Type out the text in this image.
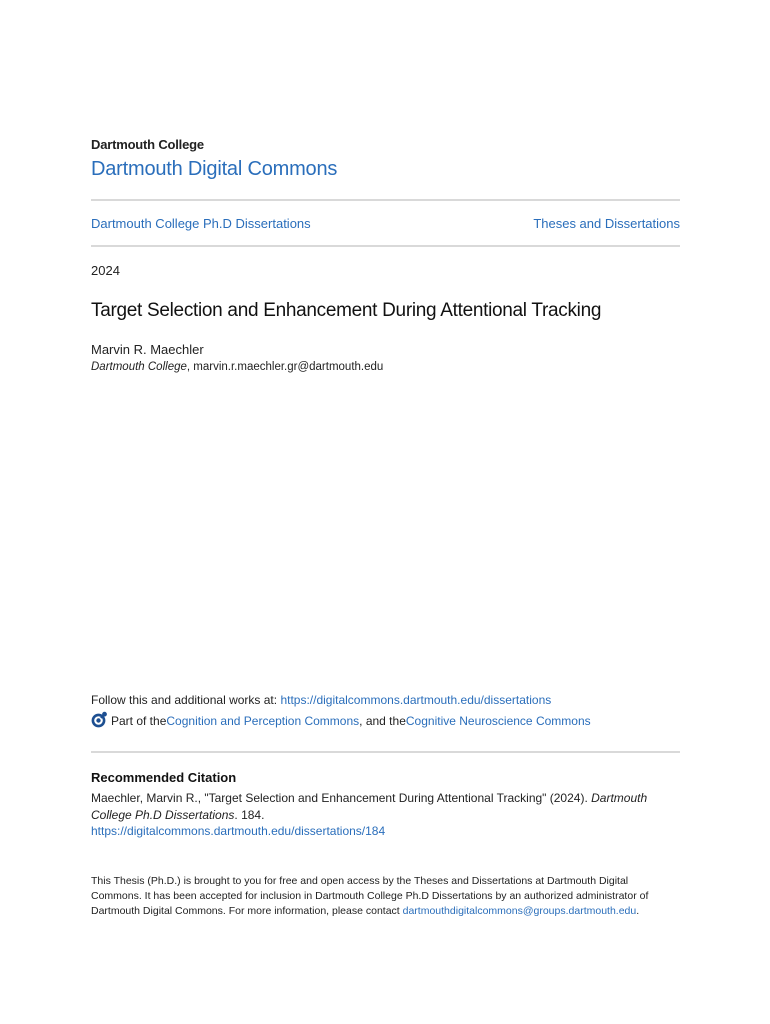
Dartmouth College
Dartmouth Digital Commons
Dartmouth College Ph.D Dissertations	Theses and Dissertations
2024
Target Selection and Enhancement During Attentional Tracking
Marvin R. Maechler
Dartmouth College, marvin.r.maechler.gr@dartmouth.edu
Follow this and additional works at: https://digitalcommons.dartmouth.edu/dissertations
Part of the Cognition and Perception Commons , and the Cognitive Neuroscience Commons
Recommended Citation
Maechler, Marvin R., "Target Selection and Enhancement During Attentional Tracking" (2024). Dartmouth College Ph.D Dissertations. 184.
https://digitalcommons.dartmouth.edu/dissertations/184
This Thesis (Ph.D.) is brought to you for free and open access by the Theses and Dissertations at Dartmouth Digital Commons. It has been accepted for inclusion in Dartmouth College Ph.D Dissertations by an authorized administrator of Dartmouth Digital Commons. For more information, please contact dartmouthdigitalcommons@groups.dartmouth.edu.
